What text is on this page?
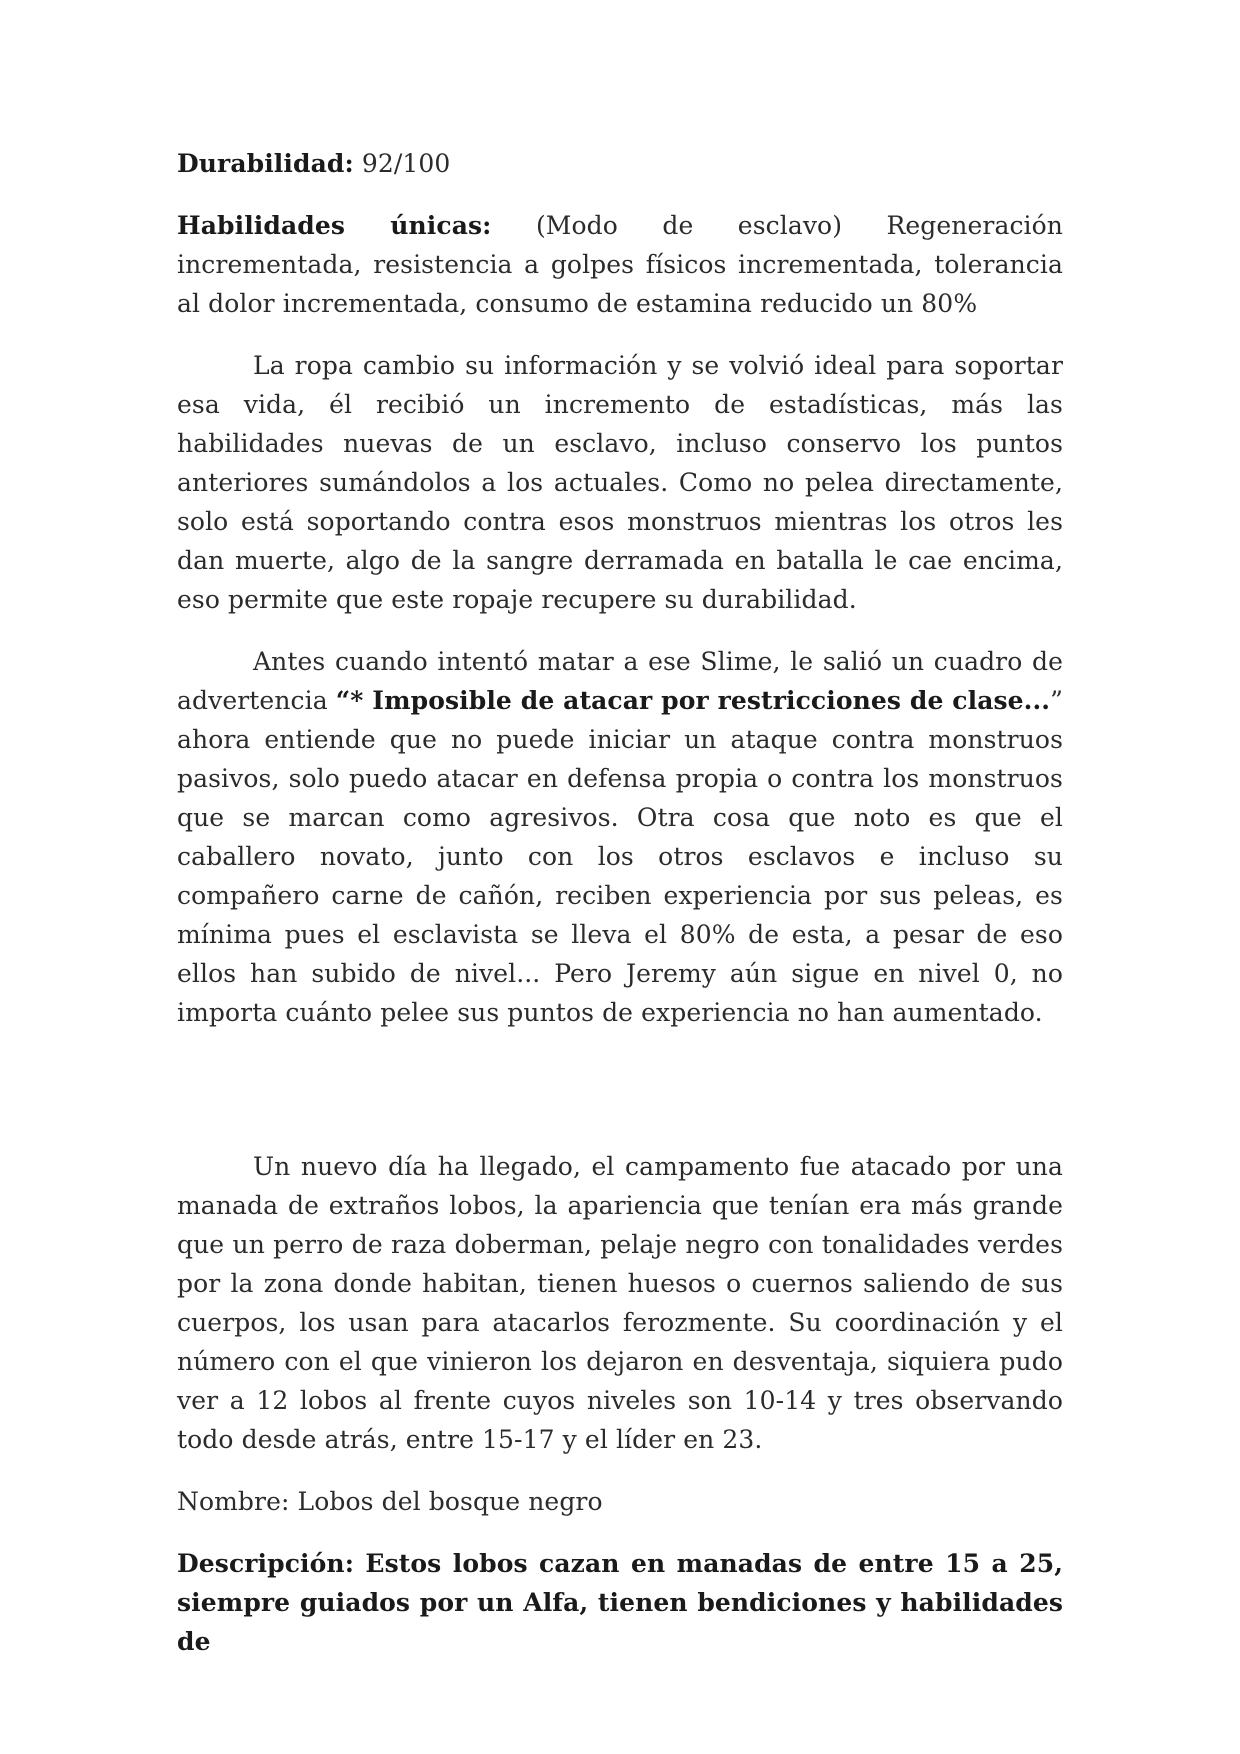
Durabilidad: 92/100

Habilidades únicas: (Modo de esclavo) Regeneración incrementada, resistencia a golpes físicos incrementada, tolerancia al dolor incrementada, consumo de estamina reducido un 80%

La ropa cambio su información y se volvió ideal para soportar esa vida, él recibió un incremento de estadísticas, más las habilidades nuevas de un esclavo, incluso conservo los puntos anteriores sumándolos a los actuales. Como no pelea directamente, solo está soportando contra esos monstruos mientras los otros les dan muerte, algo de la sangre derramada en batalla le cae encima, eso permite que este ropaje recupere su durabilidad.

Antes cuando intentó matar a ese Slime, le salió un cuadro de advertencia “* Imposible de atacar por restricciones de clase...” ahora entiende que no puede iniciar un ataque contra monstruos pasivos, solo puedo atacar en defensa propia o contra los monstruos que se marcan como agresivos. Otra cosa que noto es que el caballero novato, junto con los otros esclavos e incluso su compañero carne de cañón, reciben experiencia por sus peleas, es mínima pues el esclavista se lleva el 80% de esta, a pesar de eso ellos han subido de nivel... Pero Jeremy aún sigue en nivel 0, no importa cuánto pelee sus puntos de experiencia no han aumentado.

Un nuevo día ha llegado, el campamento fue atacado por una manada de extraños lobos, la apariencia que tenían era más grande que un perro de raza doberman, pelaje negro con tonalidades verdes por la zona donde habitan, tienen huesos o cuernos saliendo de sus cuerpos, los usan para atacarlos ferozmente. Su coordinación y el número con el que vinieron los dejaron en desventaja, siquiera pudo ver a 12 lobos al frente cuyos niveles son 10-14 y tres observando todo desde atrás, entre 15-17 y el líder en 23.

Nombre: Lobos del bosque negro

Descripción: Estos lobos cazan en manadas de entre 15 a 25, siempre guiados por un Alfa, tienen bendiciones y habilidades de
